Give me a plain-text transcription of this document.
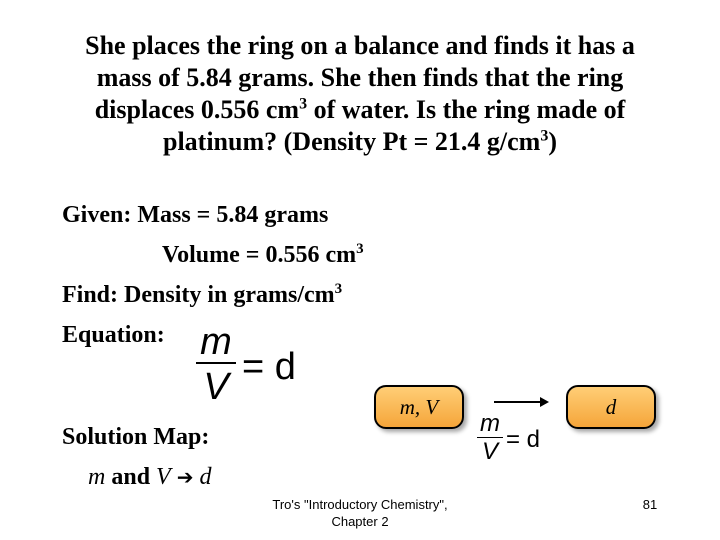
She places the ring on a balance and finds it has a
mass of 5.84 grams. She then finds that the ring
displaces 0.556 $cm^3$ of water. Is the ring made of
platinum? (Density Pt = 21.4 $g/cm^3$)
Given: Mass = 5.84 grams
Volume = 0.556 $cm^3$
Find: Density in grams/$cm^3$
Equation: m
V = d
m, V	d
m
V = d
Solution Map:
m and V ➔ d
Tro's "Introductory Chemistry",
Chapter 2
81
